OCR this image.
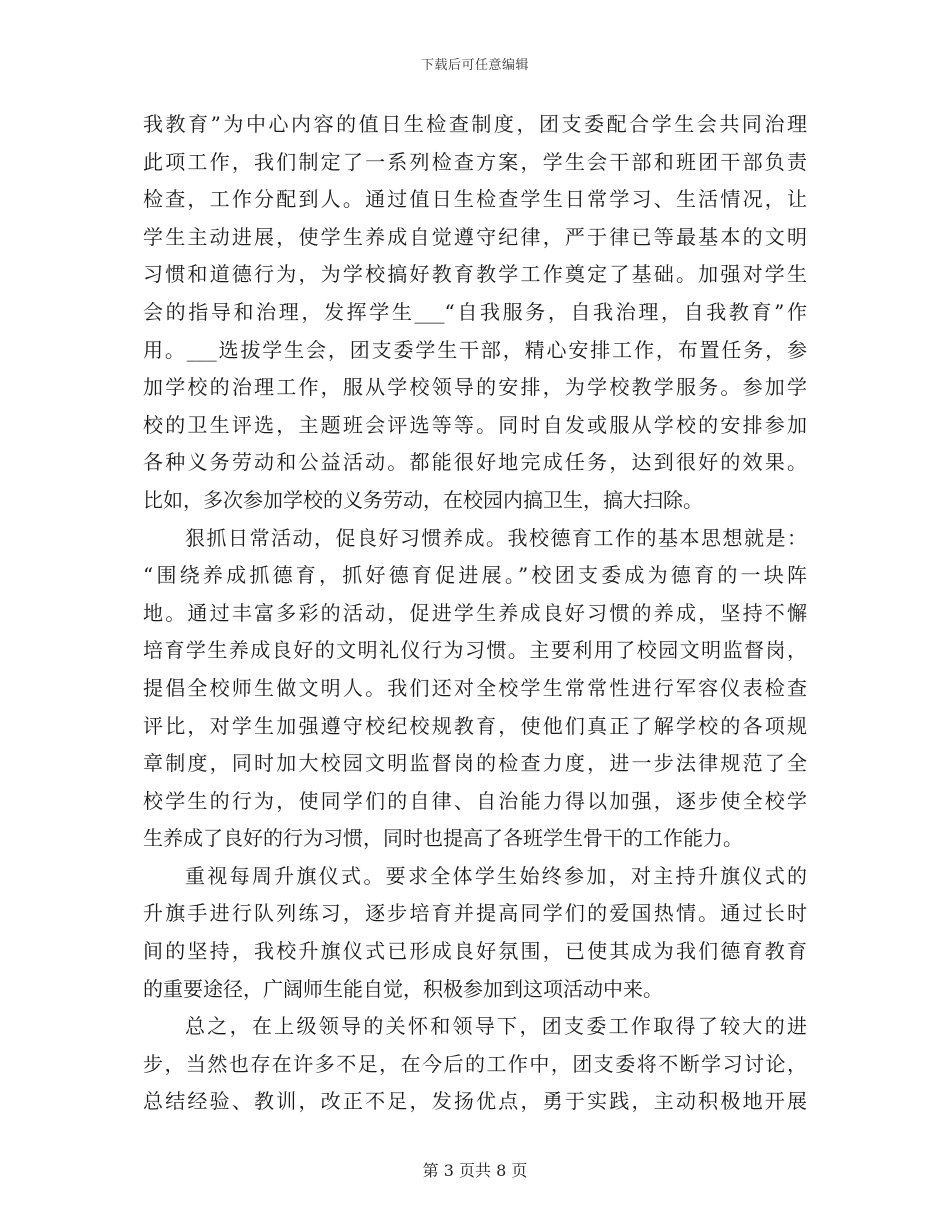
下载后可任意编辑
我教育”为中心内容的值日生检查制度，团支委配合学生会共同治理
此项工作，我们制定了一系列检查方案，学生会干部和班团干部负责
检查，工作分配到人。通过值日生检查学生日常学习、生活情况，让
学生主动进展，使学生养成自觉遵守纪律，严于律已等最基本的文明
习惯和道德行为，为学校搞好教育教学工作奠定了基础。加强对学生
会的指导和治理，发挥学生___“自我服务，自我治理，自我教育”作
用。___选拔学生会，团支委学生干部，精心安排工作，布置任务，参
加学校的治理工作，服从学校领导的安排，为学校教学服务。参加学
校的卫生评选，主题班会评选等等。同时自发或服从学校的安排参加
各种义务劳动和公益活动。都能很好地完成任务，达到很好的效果。
比如，多次参加学校的义务劳动，在校园内搞卫生，搞大扫除。
狠抓日常活动，促良好习惯养成。我校德育工作的基本思想就是：
“围绕养成抓德育，抓好德育促进展。”校团支委成为德育的一块阵
地。通过丰富多彩的活动，促进学生养成良好习惯的养成，坚持不懈
培育学生养成良好的文明礼仪行为习惯。主要利用了校园文明监督岗，
提倡全校师生做文明人。我们还对全校学生常常性进行军容仪表检查
评比，对学生加强遵守校纪校规教育，使他们真正了解学校的各项规
章制度，同时加大校园文明监督岗的检查力度，进一步法律规范了全
校学生的行为，使同学们的自律、自治能力得以加强，逐步使全校学
生养成了良好的行为习惯，同时也提高了各班学生骨干的工作能力。
重视每周升旗仪式。要求全体学生始终参加，对主持升旗仪式的
升旗手进行队列练习，逐步培育并提高同学们的爱国热情。通过长时
间的坚持，我校升旗仪式已形成良好氛围，已使其成为我们德育教育
的重要途径，广阔师生能自觉，积极参加到这项活动中来。
总之，在上级领导的关怀和领导下，团支委工作取得了较大的进
步，当然也存在许多不足，在今后的工作中，团支委将不断学习讨论，
总结经验、教训，改正不足，发扬优点，勇于实践，主动积极地开展
第 3 页共 8 页
